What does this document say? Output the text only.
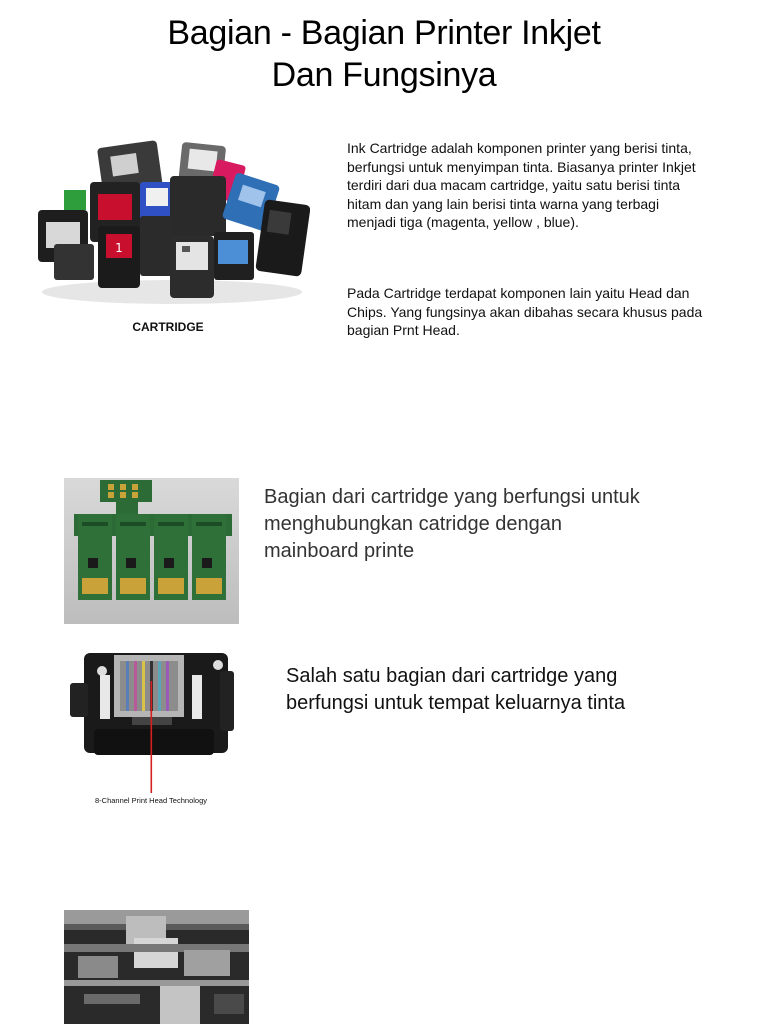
Bagian - Bagian Printer Inkjet
Dan Fungsinya
1
CARTRIDGE

Ink Cartridge adalah komponen printer yang berisi tinta, berfungsi untuk menyimpan tinta. Biasanya printer Inkjet terdiri dari dua macam cartridge, yaitu satu berisi tinta hitam dan yang lain berisi tinta warna yang terbagi menjadi tiga (magenta, yellow , blue).

Pada Cartridge terdapat komponen lain yaitu Head dan Chips. Yang fungsinya akan dibahas secara khusus pada bagian Prnt Head.

Bagian dari cartridge yang berfungsi untuk menghubungkan catridge dengan mainboard printe

8-Channel Print Head Technology

Salah satu bagian dari cartridge yang berfungsi untuk tempat keluarnya tinta
